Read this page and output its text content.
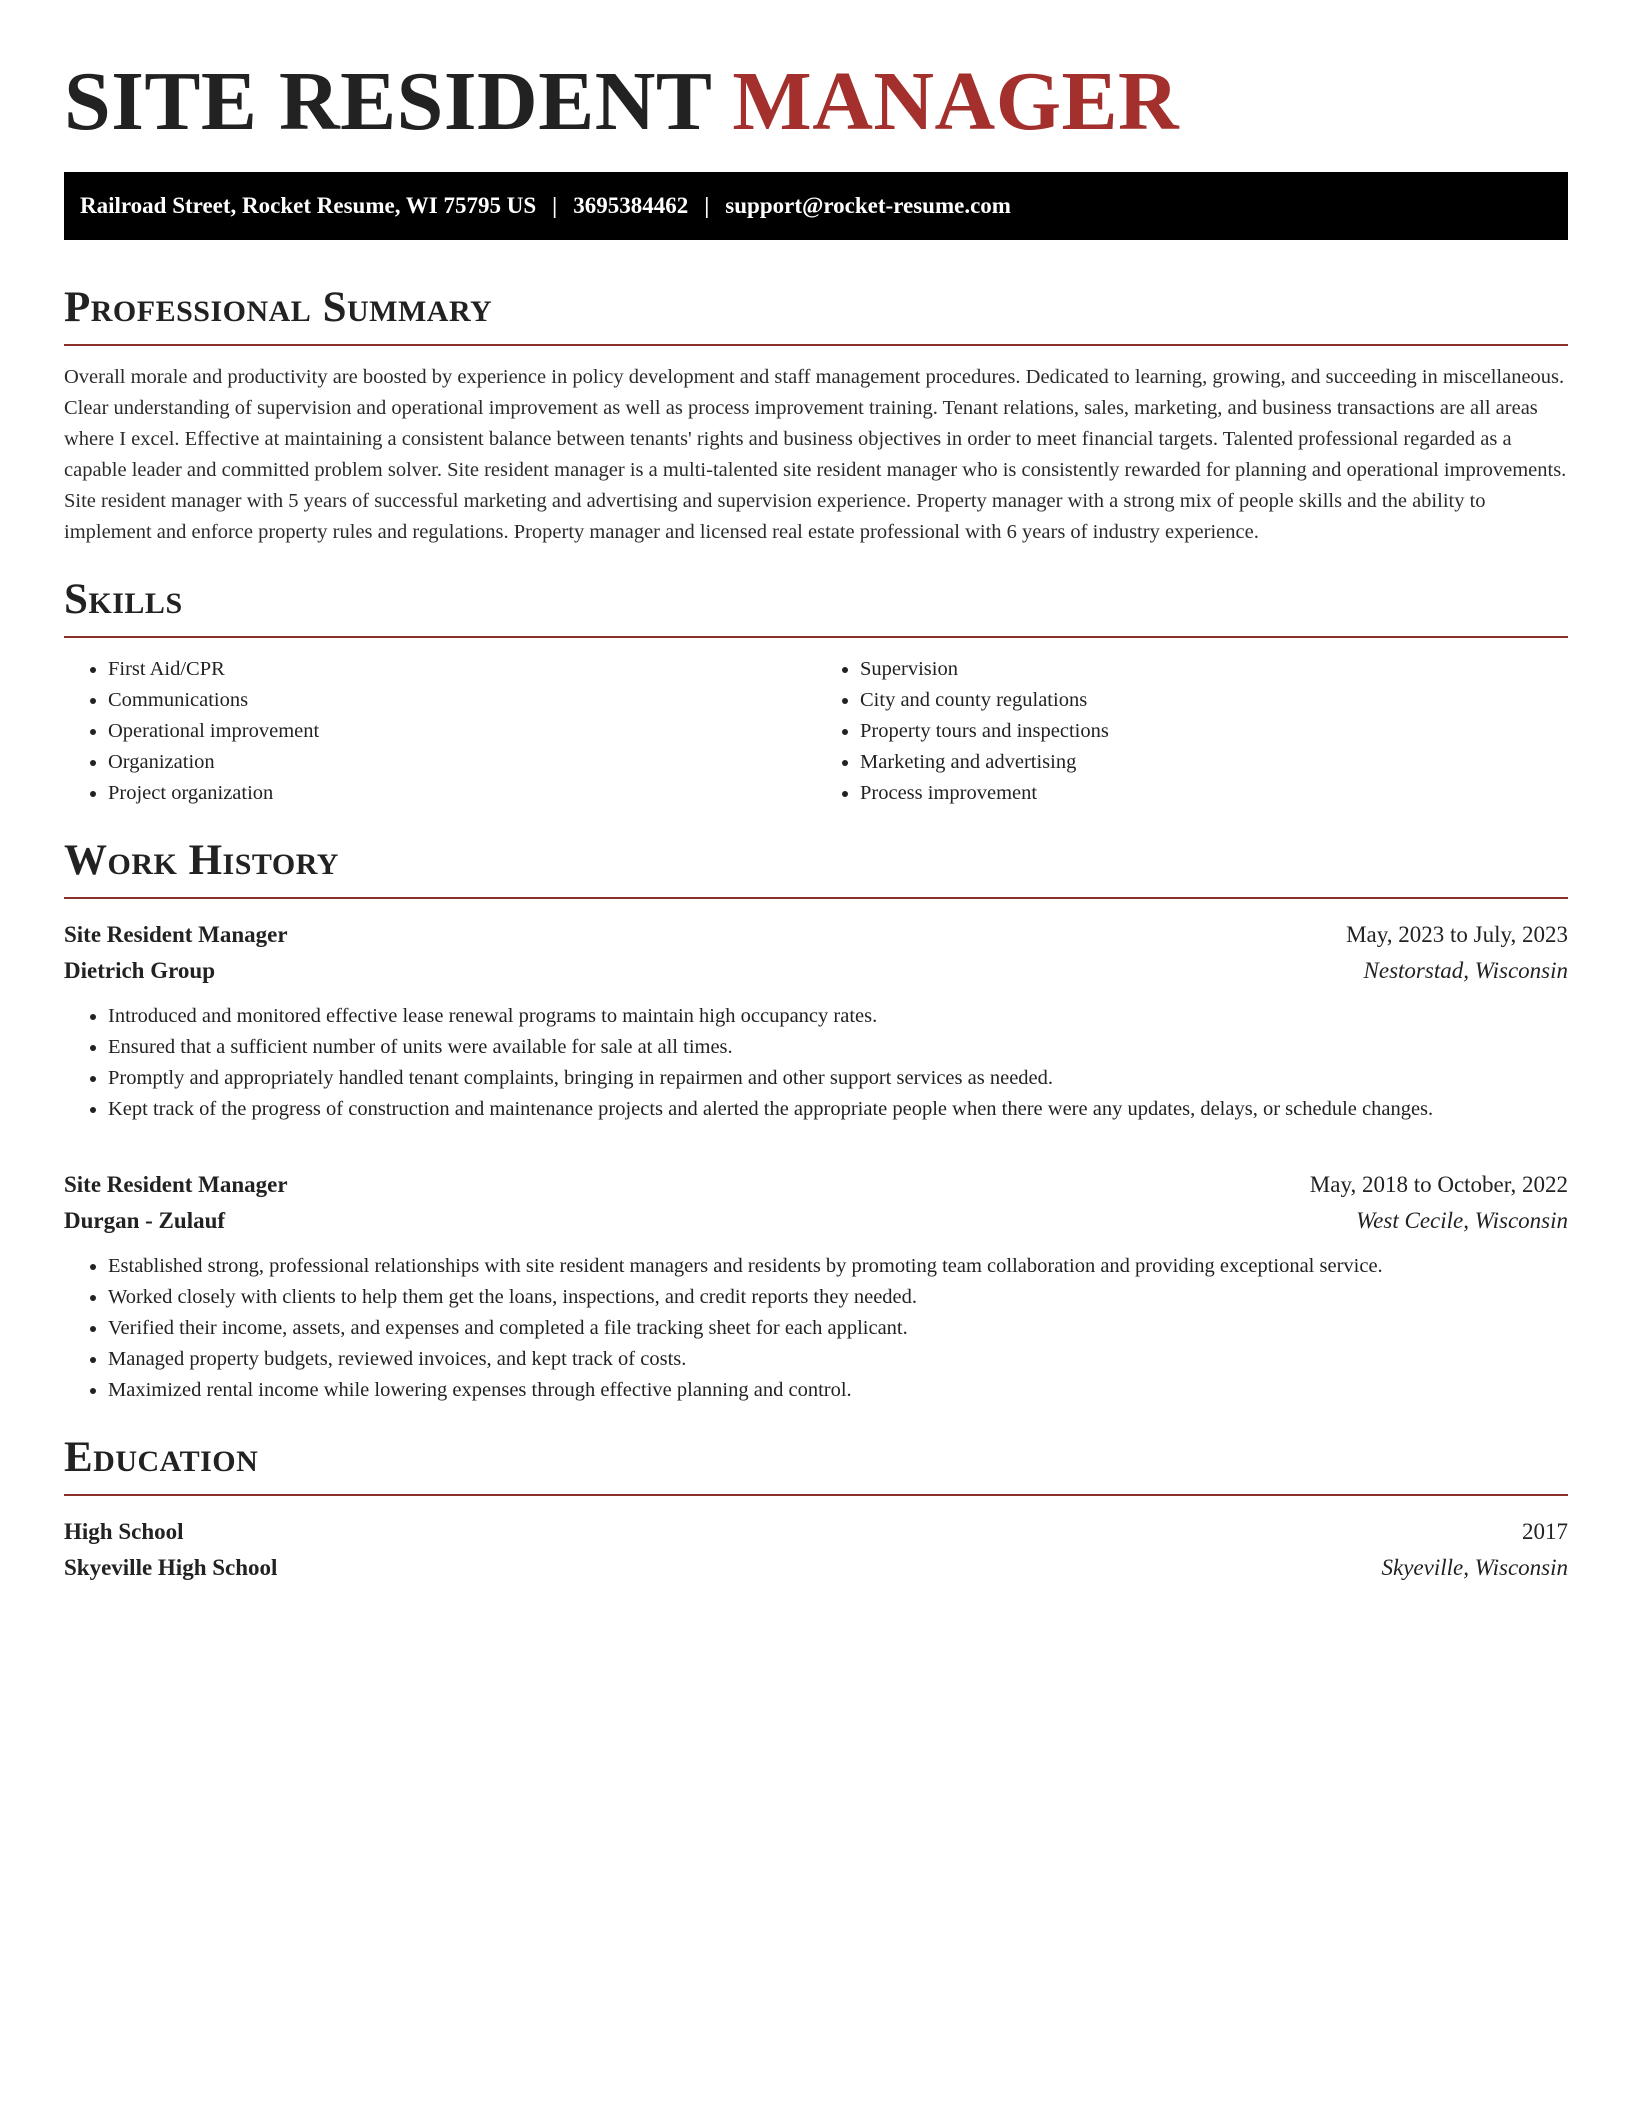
SITE RESIDENT MANAGER
Railroad Street, Rocket Resume, WI 75795 US | 3695384462 | support@rocket-resume.com
Professional Summary

Overall morale and productivity are boosted by experience in policy development and staff management procedures. Dedicated to learning, growing, and succeeding in miscellaneous. Clear understanding of supervision and operational improvement as well as process improvement training. Tenant relations, sales, marketing, and business transactions are all areas where I excel. Effective at maintaining a consistent balance between tenants' rights and business objectives in order to meet financial targets. Talented professional regarded as a capable leader and committed problem solver. Site resident manager is a multi-talented site resident manager who is consistently rewarded for planning and operational improvements. Site resident manager with 5 years of successful marketing and advertising and supervision experience. Property manager with a strong mix of people skills and the ability to implement and enforce property rules and regulations. Property manager and licensed real estate professional with 6 years of industry experience.

Skills
• First Aid/CPR
• Communications
• Operational improvement
• Organization
• Project organization
• Supervision
• City and county regulations
• Property tours and inspections
• Marketing and advertising
• Process improvement
Work History
Site Resident Manager	May, 2023 to July, 2023
Dietrich Group	Nestorstad, Wisconsin
• Introduced and monitored effective lease renewal programs to maintain high occupancy rates.
• Ensured that a sufficient number of units were available for sale at all times.
• Promptly and appropriately handled tenant complaints, bringing in repairmen and other support services as needed.
• Kept track of the progress of construction and maintenance projects and alerted the appropriate people when there were any updates, delays, or schedule changes.
Site Resident Manager	May, 2018 to October, 2022
Durgan - Zulauf	West Cecile, Wisconsin
• Established strong, professional relationships with site resident managers and residents by promoting team collaboration and providing exceptional service.
• Worked closely with clients to help them get the loans, inspections, and credit reports they needed.
• Verified their income, assets, and expenses and completed a file tracking sheet for each applicant.
• Managed property budgets, reviewed invoices, and kept track of costs.
• Maximized rental income while lowering expenses through effective planning and control.
Education
High School	2017
Skyeville High School	Skyeville, Wisconsin
